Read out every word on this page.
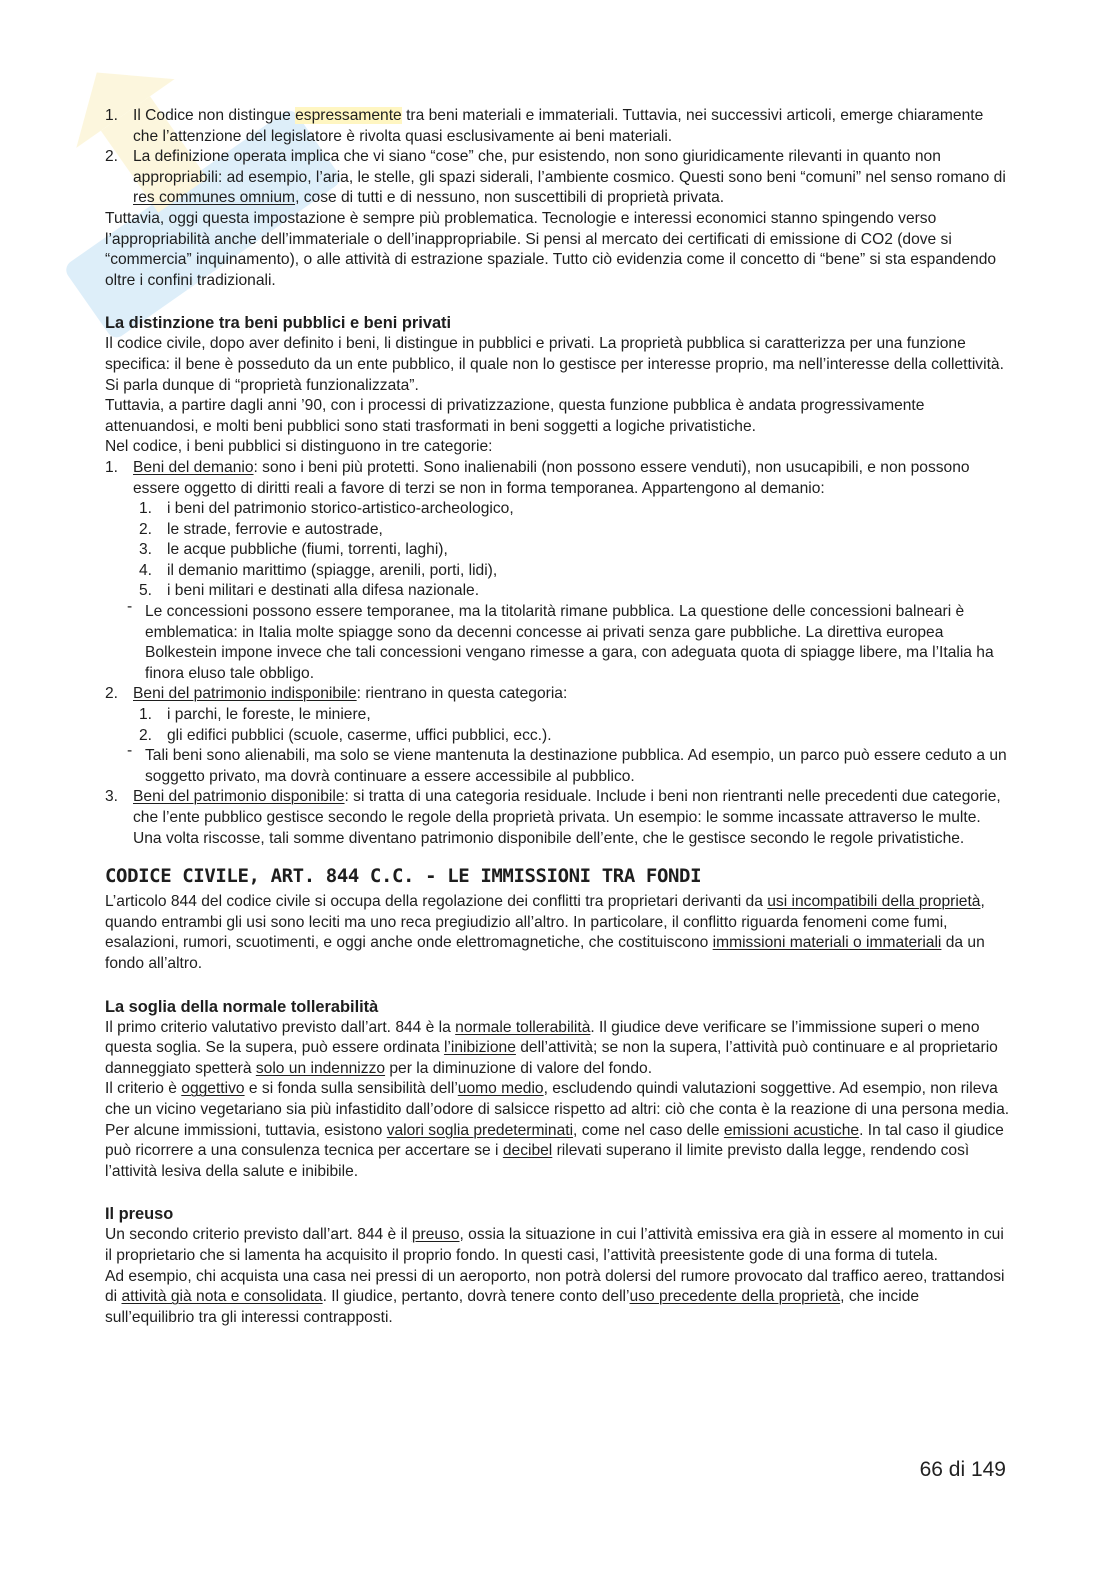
1. Il Codice non distingue espressamente tra beni materiali e immateriali. Tuttavia, nei successivi articoli, emerge chiaramente che l’attenzione del legislatore è rivolta quasi esclusivamente ai beni materiali.
2. La definizione operata implica che vi siano “cose” che, pur esistendo, non sono giuridicamente rilevanti in quanto non appropriabili: ad esempio, l’aria, le stelle, gli spazi siderali, l’ambiente cosmico. Questi sono beni “comuni” nel senso romano di res communes omnium, cose di tutti e di nessuno, non suscettibili di proprietà privata.

Tuttavia, oggi questa impostazione è sempre più problematica. Tecnologie e interessi economici stanno spingendo verso l’appropriabilità anche dell’immateriale o dell’inappropriabile. Si pensi al mercato dei certificati di emissione di CO2 (dove si “commercia” inquinamento), o alle attività di estrazione spaziale. Tutto ciò evidenzia come il concetto di “bene” si sta espandendo oltre i confini tradizionali.

La distinzione tra beni pubblici e beni privati

Il codice civile, dopo aver definito i beni, li distingue in pubblici e privati. La proprietà pubblica si caratterizza per una funzione specifica: il bene è posseduto da un ente pubblico, il quale non lo gestisce per interesse proprio, ma nell’interesse della collettività. Si parla dunque di “proprietà funzionalizzata”.

Tuttavia, a partire dagli anni ’90, con i processi di privatizzazione, questa funzione pubblica è andata progressivamente attenuandosi, e molti beni pubblici sono stati trasformati in beni soggetti a logiche privatistiche.

Nel codice, i beni pubblici si distinguono in tre categorie:

1. Beni del demanio: sono i beni più protetti. Sono inalienabili (non possono essere venduti), non usucapibili, e non possono essere oggetto di diritti reali a favore di terzi se non in forma temporanea. Appartengono al demanio:
1. i beni del patrimonio storico-artistico-archeologico,
2. le strade, ferrovie e autostrade,
3. le acque pubbliche (fiumi, torrenti, laghi),
4. il demanio marittimo (spiagge, arenili, porti, lidi),
5. i beni militari e destinati alla difesa nazionale.
- Le concessioni possono essere temporanee, ma la titolarità rimane pubblica. La questione delle concessioni balneari è emblematica: in Italia molte spiagge sono da decenni concesse ai privati senza gare pubbliche. La direttiva europea Bolkestein impone invece che tali concessioni vengano rimesse a gara, con adeguata quota di spiagge libere, ma l’Italia ha finora eluso tale obbligo.
2. Beni del patrimonio indisponibile: rientrano in questa categoria:
1. i parchi, le foreste, le miniere,
2. gli edifici pubblici (scuole, caserme, uffici pubblici, ecc.).
- Tali beni sono alienabili, ma solo se viene mantenuta la destinazione pubblica. Ad esempio, un parco può essere ceduto a un soggetto privato, ma dovrà continuare a essere accessibile al pubblico.
3. Beni del patrimonio disponibile: si tratta di una categoria residuale. Include i beni non rientranti nelle precedenti due categorie, che l’ente pubblico gestisce secondo le regole della proprietà privata. Un esempio: le somme incassate attraverso le multe. Una volta riscosse, tali somme diventano patrimonio disponibile dell’ente, che le gestisce secondo le regole privatistiche.
CODICE CIVILE, ART. 844 C.C. - LE IMMISSIONI TRA FONDI

L’articolo 844 del codice civile si occupa della regolazione dei conflitti tra proprietari derivanti da usi incompatibili della proprietà, quando entrambi gli usi sono leciti ma uno reca pregiudizio all’altro. In particolare, il conflitto riguarda fenomeni come fumi, esalazioni, rumori, scuotimenti, e oggi anche onde elettromagnetiche, che costituiscono immissioni materiali o immateriali da un fondo all’altro.

La soglia della normale tollerabilità

Il primo criterio valutativo previsto dall’art. 844 è la normale tollerabilità. Il giudice deve verificare se l’immissione superi o meno questa soglia. Se la supera, può essere ordinata l’inibizione dell’attività; se non la supera, l’attività può continuare e al proprietario danneggiato spetterà solo un indennizzo per la diminuzione di valore del fondo.

Il criterio è oggettivo e si fonda sulla sensibilità dell’uomo medio, escludendo quindi valutazioni soggettive. Ad esempio, non rileva che un vicino vegetariano sia più infastidito dall’odore di salsicce rispetto ad altri: ciò che conta è la reazione di una persona media.

Per alcune immissioni, tuttavia, esistono valori soglia predeterminati, come nel caso delle emissioni acustiche. In tal caso il giudice può ricorrere a una consulenza tecnica per accertare se i decibel rilevati superano il limite previsto dalla legge, rendendo così l’attività lesiva della salute e inibibile.

Il preuso

Un secondo criterio previsto dall’art. 844 è il preuso, ossia la situazione in cui l’attività emissiva era già in essere al momento in cui il proprietario che si lamenta ha acquisito il proprio fondo. In questi casi, l’attività preesistente gode di una forma di tutela.

Ad esempio, chi acquista una casa nei pressi di un aeroporto, non potrà dolersi del rumore provocato dal traffico aereo, trattandosi di attività già nota e consolidata. Il giudice, pertanto, dovrà tenere conto dell’uso precedente della proprietà, che incide sull’equilibrio tra gli interessi contrapposti.

66 di 149
